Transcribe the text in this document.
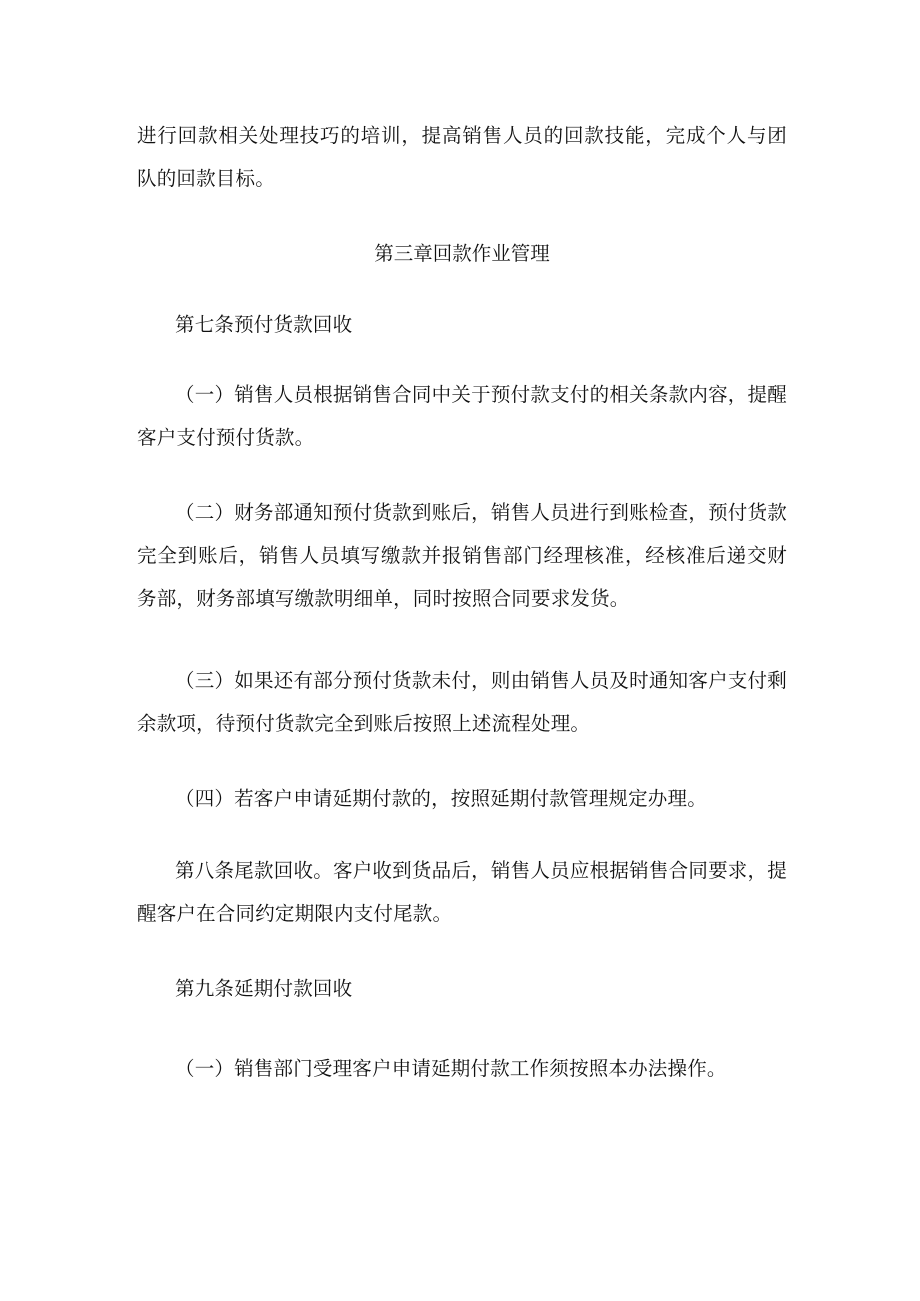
进行回款相关处理技巧的培训，提高销售人员的回款技能，完成个人与团队的回款目标。

第三章回款作业管理

第七条预付货款回收

（一）销售人员根据销售合同中关于预付款支付的相关条款内容，提醒客户支付预付货款。

（二）财务部通知预付货款到账后，销售人员进行到账检查，预付货款完全到账后，销售人员填写缴款并报销售部门经理核准，经核准后递交财务部，财务部填写缴款明细单，同时按照合同要求发货。

（三）如果还有部分预付货款未付，则由销售人员及时通知客户支付剩余款项，待预付货款完全到账后按照上述流程处理。

（四）若客户申请延期付款的，按照延期付款管理规定办理。

第八条尾款回收。客户收到货品后，销售人员应根据销售合同要求，提醒客户在合同约定期限内支付尾款。

第九条延期付款回收

（一）销售部门受理客户申请延期付款工作须按照本办法操作。
